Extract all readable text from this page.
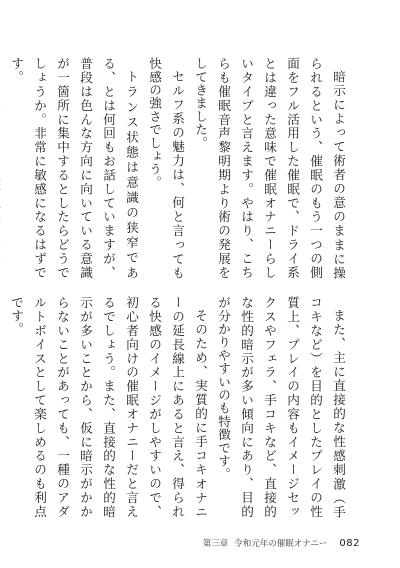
暗示によって術者の意のままに操られるという、催眠のもう一つの側面をフル活用した催眠で、ドライ系とは違った意味で催眠オナニーらしいタイプと言えます。やはり、こちらも催眠音声黎明期より術の発展をしてきました。

セルフ系の魅力は、何と言っても快感の強さでしょう。

トランス状態は意識の狭窄である、とは何回もお話していますが、普段は色んな方向に向いている意識が一箇所に集中するとしたらどうでしょうか。非常に敏感になるはずです。

また、主に直接的な性感刺激（手コキなど）を目的としたプレイの性質上、プレイの内容もイメージセックスやフェラ、手コキなど、直接的な性的暗示が多い傾向にあり、目的が分かりやすいのも特徴です。

そのため、実質的に手コキオナニーの延長線上にあると言え、得られる快感のイメージがしやすいので、初心者向けの催眠オナニーだと言えるでしょう。また、直接的な性的暗示が多いことから、仮に暗示がかからないことがあっても、一種のアダルトボイスとして楽しめるのも利点です。

第三章 令和元年の催眠オナニー 082
